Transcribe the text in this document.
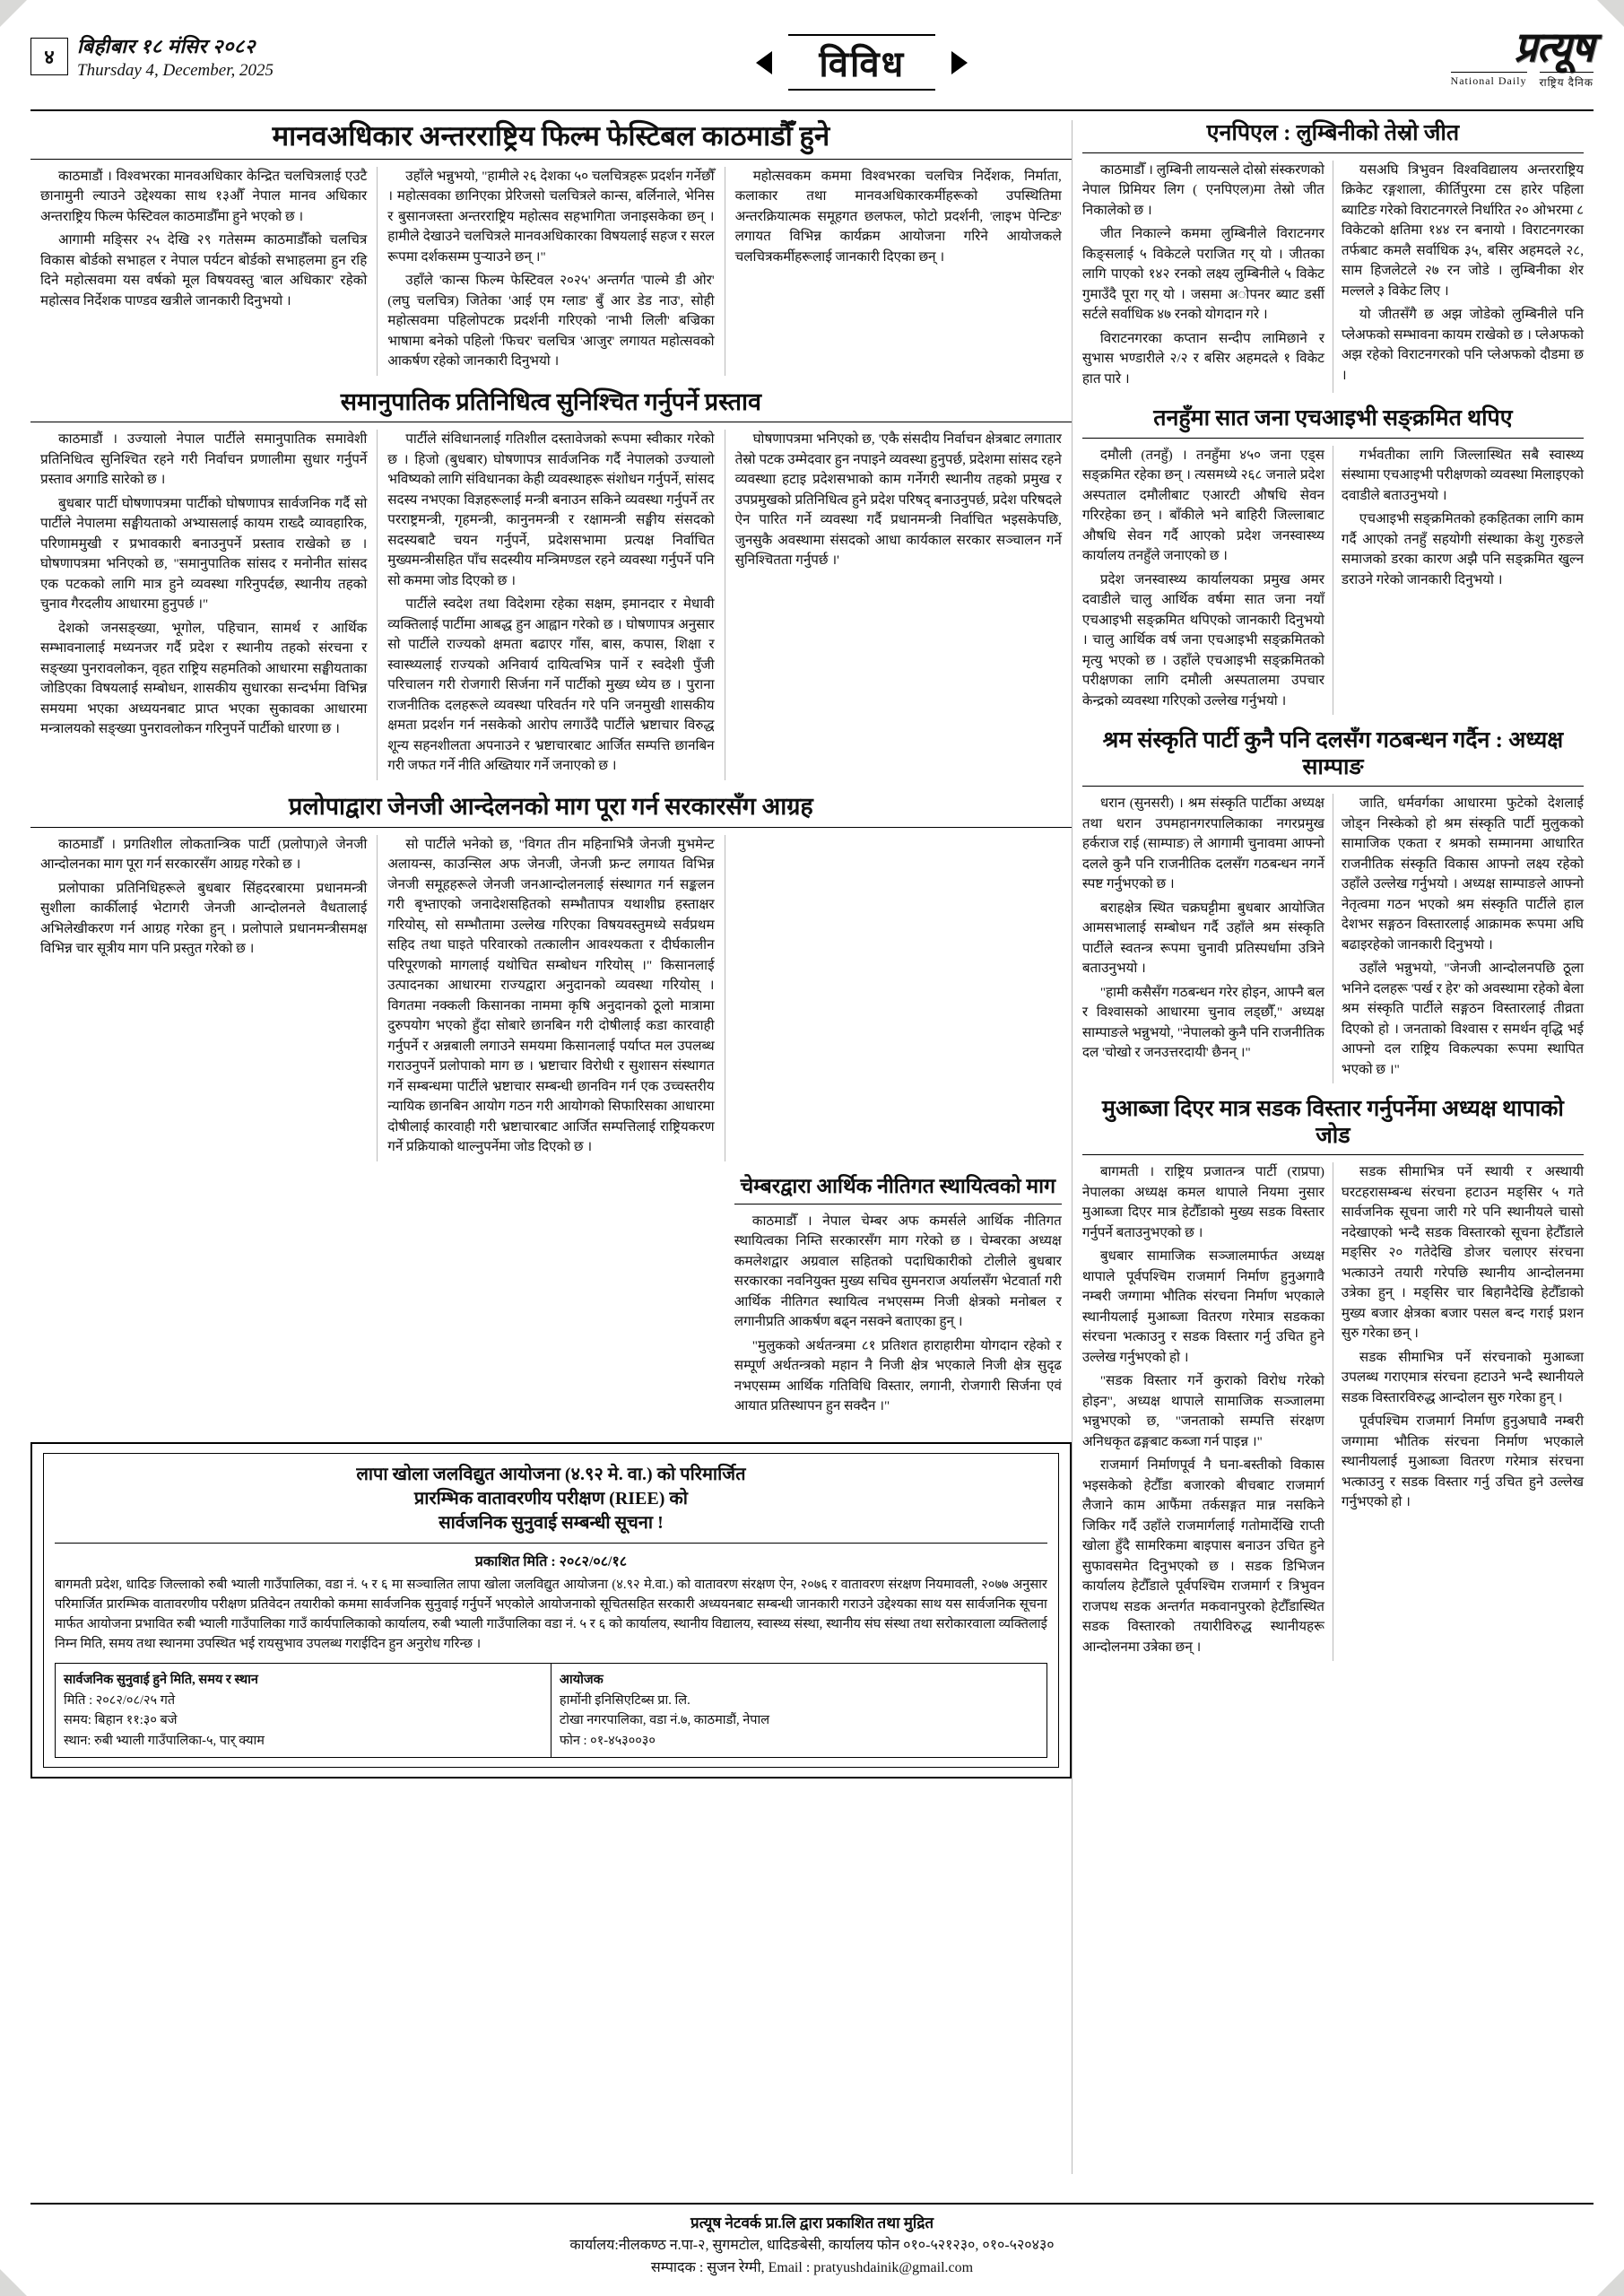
४	बिहीबार १८ मंसिर २०८२
Thursday 4, December, 2025	विविध	प्रत्यूष
National Daily राष्ट्रिय दैनिक
मानवअधिकार अन्तरराष्ट्रिय फिल्म फेस्टिबल काठमाडौँ हुने

काठमाडौं । विश्वभरका मानवअधिकार केन्द्रित चलचित्रलाई एउटै छानामुनी ल्याउने उद्देश्यका साथ १३औँ नेपाल मानव अधिकार अन्तराष्ट्रिय फिल्म फेस्टिवल काठमाडौँमा हुने भएको छ ।

आगामी मङि्सर २५ देखि २९ गतेसम्म काठमाडौँको चलचित्र विकास बोर्डको सभाहल र नेपाल पर्यटन बोर्डको सभाहलमा हुन रहि दिने महोत्सवमा यस वर्षको मूल विषयवस्तु 'बाल अधिकार' रहेको महोत्सव निर्देशक पाण्डव खत्रीले जानकारी दिनुभयो ।

उहाँले भन्नुभयो, "हामीले २६ देशका ५० चलचित्रहरू प्रदर्शन गर्नेछौँ । महोत्सवका छानिएका प्रेरिजसो चलचित्रले कान्स, बर्लिनाले, भेनिस र बुसानजस्ता अन्तरराष्ट्रिय महोत्सव सहभागिता जनाइसकेका छन् । हामीले देखाउने चलचित्रले मानवअधिकारका विषयलाई सहज र सरल रूपमा दर्शकसम्म पुर्‍याउने छन् ।"

उहाँले 'कान्स फिल्म फेस्टिवल २०२५' अन्तर्गत 'पाल्मे डी ओर' (लघु चलचित्र) जितेका 'आई एम ग्लाड' बुँ आर डेड नाउ', सोही महोत्सवमा पहिलोपटक प्रदर्शनी गरिएको 'नाभी लिली' बज्रिका भाषामा बनेको पहिलो 'फिचर' चलचित्र 'आजुर' लगायत महोत्सवको आकर्षण रहेको जानकारी दिनुभयो ।

महोत्सवकम कममा विश्वभरका चलचित्र निर्देशक, निर्माता, कलाकार तथा मानवअधिकारकर्मीहरूको उपस्थितिमा अन्तरक्रियात्मक समूहगत छलफल, फोटो प्रदर्शनी, 'लाइभ पेन्टिङ' लगायत विभिन्न कार्यक्रम आयोजना गरिने आयोजकले चलचित्रकर्मीहरूलाई जानकारी दिएका छन् ।

समानुपातिक प्रतिनिधित्व सुनिश्चित गर्नुपर्ने प्रस्ताव

काठमाडौं । उज्यालो नेपाल पार्टीले समानुपातिक समावेशी प्रतिनिधित्व सुनिश्चित रहने गरी निर्वाचन प्रणालीमा सुधार गर्नुपर्ने प्रस्ताव अगाडि सारेको छ ।

बुधबार पार्टी घोषणापत्रमा पार्टीको घोषणापत्र सार्वजनिक गर्दै सो पार्टीले नेपालमा सङ्घीयताको अभ्यासलाई कायम राख्दै व्यावहारिक, परिणाममुखी र प्रभावकारी बनाउनुपर्ने प्रस्ताव राखेको छ । घोषणापत्रमा भनिएको छ, "समानुपातिक सांसद र मनोनीत सांसद एक पटकको लागि मात्र हुने व्यवस्था गरिनुपर्दछ, स्थानीय तहको चुनाव गैरदलीय आधारमा हुनुपर्छ ।"

देशको जनसङ्ख्या, भूगोल, पहिचान, सामर्थ र आर्थिक सम्भावनालाई मध्यनजर गर्दै प्रदेश र स्थानीय तहको संरचना र सङ्ख्या पुनरावलोकन, वृहत राष्ट्रिय सहमतिको आधारमा सङ्घीयताका जोडिएका विषयलाई सम्बोधन, शासकीय सुधारका सन्दर्भमा विभिन्न समयमा भएका अध्ययनबाट प्राप्त भएका सुकावका आधारमा मन्त्रालयको सङ्ख्या पुनरावलोकन गरिनुपर्ने पार्टीको धारणा छ ।

पार्टीले संविधानलाई गतिशील दस्तावेजको रूपमा स्वीकार गरेको छ । हिजो (बुधबार) घोषणापत्र सार्वजनिक गर्दै नेपालको उज्यालो भविष्यको लागि संविधानका केही व्यवस्थाहरू संशोधन गर्नुपर्ने, सांसद सदस्य नभएका विज्ञहरूलाई मन्त्री बनाउन सकिने व्यवस्था गर्नुपर्ने तर परराष्ट्रमन्त्री, गृहमन्त्री, कानुनमन्त्री र रक्षामन्त्री सङ्घीय संसदको सदस्यबाटै चयन गर्नुपर्ने, प्रदेशसभामा प्रत्यक्ष निर्वाचित मुख्यमन्त्रीसहित पाँच सदस्यीय मन्त्रिमण्डल रहने व्यवस्था गर्नुपर्ने पनि सो कममा जोड दिएको छ ।

पार्टीले स्वदेश तथा विदेशमा रहेका सक्षम, इमानदार र मेधावी व्यक्तिलाई पार्टीमा आबद्ध हुन आह्वान गरेको छ । घोषणापत्र अनुसार सो पार्टीले राज्यको क्षमता बढाएर गाँस, बास, कपास, शिक्षा र स्वास्थ्यलाई राज्यको अनिवार्य दायित्वभित्र पार्ने र स्वदेशी पुँजी परिचालन गरी रोजगारी सिर्जना गर्ने पार्टीको मुख्य ध्येय छ । पुराना राजनीतिक दलहरूले व्यवस्था परिवर्तन गरे पनि जनमुखी शासकीय क्षमता प्रदर्शन गर्न नसकेको आरोप लगाउँदै पार्टीले भ्रष्टाचार विरुद्ध शून्य सहनशीलता अपनाउने र भ्रष्टाचारबाट आर्जित सम्पत्ति छानबिन गरी जफत गर्ने नीति अख्तियार गर्ने जनाएको छ ।

घोषणापत्रमा भनिएको छ, 'एकै संसदीय निर्वाचन क्षेत्रबाट लगातार तेस्रो पटक उम्मेदवार हुन नपाइने व्यवस्था हुनुपर्छ, प्रदेशमा सांसद रहने व्यवस्थाा हटाइ प्रदेशसभाको काम गर्नेगरी स्थानीय तहको प्रमुख र उपप्रमुखको प्रतिनिधित्व हुने प्रदेश परिषद् बनाउनुपर्छ, प्रदेश परिषदले ऐन पारित गर्ने व्यवस्था गर्दै प्रधानमन्त्री निर्वाचित भइसकेपछि, जुनसुकै अवस्थामा संसदको आधा कार्यकाल सरकार सञ्चालन गर्ने सुनिश्चितता गर्नुपर्छ ।'

प्रलोपाद्वारा जेनजी आन्देलनको माग पूरा गर्न सरकारसँग आग्रह

काठमाडौँ । प्रगतिशील लोकतान्त्रिक पार्टी (प्रलोपा)ले जेनजी आन्दोलनका माग पूरा गर्न सरकारसँग आग्रह गरेको छ ।

प्रलोपाका प्रतिनिधिहरूले बुधबार सिंहदरबारमा प्रधानमन्त्री सुशीला कार्कीलाई भेटागरी जेनजी आन्दोलनले वैधतालाई अभिलेखीकरण गर्न आग्रह गरेका हुन् । प्रलोपाले प्रधानमन्त्रीसमक्ष विभिन्न चार सूत्रीय माग पनि प्रस्तुत गरेको छ ।

सो पार्टीले भनेको छ, "विगत तीन महिनाभित्रै जेनजी मुभमेन्ट अलायन्स, काउन्सिल अफ जेनजी, जेनजी फ्रन्ट लगायत विभिन्न जेनजी समूहहरूले जेनजी जनआन्दोलनलाई संस्थागत गर्न सङ्कलन गरी बृभ्ताएको जनादेशसहितको सम्भौतापत्र यथाशीघ्र हस्ताक्षर गरियोस्, सो सम्भौतामा उल्लेख गरिएका विषयवस्तुमध्ये सर्वप्रथम सहिद तथा घाइते परिवारको तत्कालीन आवश्यकता र दीर्घकालीन परिपूरणको मागलाई यथोचित सम्बोधन गरियोस् ।" किसानलाई उत्पादनका आधारमा राज्यद्वारा अनुदानको व्यवस्था गरियोस् । विगतमा नक्कली किसानका नाममा कृषि अनुदानको ठूलो मात्रामा दुरुपयोग भएको हुँदा सोबारे छानबिन गरी दोषीलाई कडा कारवाही गर्नुपर्ने र अन्नबाली लगाउने समयमा किसानलाई पर्याप्त मल उपलब्ध गराउनुपर्ने प्रलोपाको माग छ । भ्रष्टाचार विरोधी र सुशासन संस्थागत गर्ने सम्बन्धमा पार्टीले भ्रष्टाचार सम्बन्धी छानविन गर्न एक उच्चस्तरीय न्यायिक छानबिन आयोग गठन गरी आयोगको सिफारिसका आधारमा दोषीलाई कारवाही गरी भ्रष्टाचारबाट आर्जित सम्पत्तिलाई राष्ट्रियकरण गर्ने प्रक्रियाको थाल्नुपर्नेमा जोड दिएको छ ।

चेम्बरद्वारा आर्थिक नीतिगत स्थायित्वको माग

काठमाडौँ । नेपाल चेम्बर अफ कमर्सले आर्थिक नीतिगत स्थायित्वका निम्ति सरकारसँग माग गरेको छ । चेम्बरका अध्यक्ष कमलेशद्वार अग्रवाल सहितको पदाधिकारीको टोलीले बुधबार सरकारका नवनियुक्त मुख्य सचिव सुमनराज अर्यालसँग भेटवार्ता गरी आर्थिक नीतिगत स्थायित्व नभएसम्म निजी क्षेत्रको मनोबल र लगानीप्रति आकर्षण बढ्न नसक्ने बताएका हुन् ।

"मुलुकको अर्थतन्त्रमा ८१ प्रतिशत हाराहारीमा योगदान रहेको र सम्पूर्ण अर्थतन्त्रको महान नै निजी क्षेत्र भएकाले निजी क्षेत्र सुदृढ नभएसम्म आर्थिक गतिविधि विस्तार, लगानी, रोजगारी सिर्जना एवं आयात प्रतिस्थापन हुन सक्दैन ।"

लापा खोला जलविद्युत आयोजना (४.९२ मे. वा.) को परिमार्जित
प्रारम्भिक वातावरणीय परीक्षण (RIEE) को
सार्वजनिक सुनुवाई सम्बन्धी सूचना !
प्रकाशित मिति : २०८२/०८/१८
बागमती प्रदेश, धादिङ जिल्लाको रुबी भ्याली गाउँपालिका, वडा नं. ५ र ६ मा सञ्चालित लापा खोला जलविद्युत आयोजना (४.९२ मे.वा.) को वातावरण संरक्षण ऐन, २०७६ र वातावरण संरक्षण नियमावली, २०७७ अनुसार परिमार्जित प्रारम्भिक वातावरणीय परीक्षण प्रतिवेदन तयारीको कममा सार्वजनिक सुनुवाई गर्नुपर्ने भएकोले आयोजनाको सूचितसहित सरकारी अध्ययनबाट सम्बन्धी जानकारी गराउने उद्देश्यका साथ यस सार्वजनिक सूचना मार्फत आयोजना प्रभावित रुबी भ्याली गाउँपालिका गाउँ कार्यपालिकाको कार्यालय, रुबी भ्याली गाउँपालिका वडा नं. ५ र ६ को कार्यालय, स्थानीय विद्यालय, स्वास्थ्य संस्था, स्थानीय संघ संस्था तथा सरोकारवाला व्यक्तिलाई निम्न मिति, समय तथा स्थानमा उपस्थित भई रायसुभाव उपलब्ध गराईदिन हुन अनुरोध गरिन्छ ।
सार्वजनिक सुनुवाई हुने मिति, समय र स्थान
मिति : २०८२/०८/२५ गते
समय: बिहान ११:३० बजे
स्थान: रुबी भ्याली गाउँपालिका-५, पार् क्याम
आयोजक
हार्मोनी इनिसिएटिब्स प्रा. लि.
टोखा नगरपालिका, वडा नं.७, काठमाडौं, नेपाल
फोन : ०१-४५३००३०
एनपिएल : लुम्बिनीको तेस्रो जीत

काठमाडौँ । लुम्बिनी लायन्सले दोस्रो संस्करणको नेपाल प्रिमियर लिग ( एनपिएल)मा तेस्रो जीत निकालेको छ ।

जीत निकाल्ने कममा लुम्बिनीले विराटनगर किङ्सलाई ५ विकेटले पराजित गर् यो । जीतका लागि पाएको १४२ रनको लक्ष्य लुम्बिनीले ५ विकेट गुमाउँदै पूरा गर् यो । जसमा अोपनर ब्याट डर्सी सर्टले सर्वाधिक ४७ रनको योगदान गरे ।

विराटनगरका कप्तान सन्दीप लामिछाने र सुभास भण्डारीले २/२ र बसिर अहमदले १ विकेट हात पारे ।

यसअघि त्रिभुवन विश्वविद्यालय अन्तरराष्ट्रिय क्रिकेट रङ्गशाला, कीर्तिपुरमा टस हारेर पहिला ब्याटिङ गरेको विराटनगरले निर्धारित २० ओभरमा ८ विकेटको क्षतिमा १४४ रन बनायो । विराटनगरका तर्फबाट कमलै सर्वाधिक ३५, बसिर अहमदले २८, साम हिजलेटले २७ रन जोडे । लुम्बिनीका शेर मल्लले ३ विकेट लिए ।

यो जीतसँगै छ अझ जोडेको लुम्बिनीले पनि प्लेअफको सम्भावना कायम राखेको छ । प्लेअफको अझ रहेको विराटनगरको पनि प्लेअफको दौडमा छ ।

तनहुँमा सात जना एचआइभी सङ्क्रमित थपिए

दमौली (तनहुँ) । तनहुँमा ४५० जना एड्स सङ्क्रमित रहेका छन् । त्यसमध्ये २६८ जनाले प्रदेश अस्पताल दमौलीबाट एआरटी औषधि सेवन गरिरहेका छन् । बाँकीले भने बाहिरी जिल्लाबाट औषधि सेवन गर्दै आएको प्रदेश जनस्वास्थ्य कार्यालय तनहुँले जनाएको छ ।

प्रदेश जनस्वास्थ्य कार्यालयका प्रमुख अमर दवाडीले चालु आर्थिक वर्षमा सात जना नयाँ एचआइभी सङ्क्रमित थपिएको जानकारी दिनुभयो । चालु आर्थिक वर्ष जना एचआइभी सङ्क्रमितको मृत्यु भएको छ । उहाँले एचआइभी सङ्क्रमितको परीक्षणका लागि दमौली अस्पतालमा उपचार केन्द्रको व्यवस्था गरिएको उल्लेख गर्नुभयो ।

गर्भवतीका लागि जिल्लास्थित सबै स्वास्थ्य संस्थामा एचआइभी परीक्षणको व्यवस्था मिलाइएको दवाडीले बताउनुभयो ।

एचआइभी सङ्क्रमितको हकहितका लागि काम गर्दै आएको तनहुँ सहयोगी संस्थाका केशु गुरुङले समाजको डरका कारण अझै पनि सङ्क्रमित खुल्न डराउने गरेको जानकारी दिनुभयो ।

श्रम संस्कृति पार्टी कुनै पनि दलसँग गठबन्धन गर्दैन : अध्यक्ष साम्पाङ

धरान (सुनसरी) । श्रम संस्कृति पार्टीका अध्यक्ष तथा धरान उपमहानगरपालिकाका नगरप्रमुख हर्कराज राई (साम्पाङ) ले आगामी चुनावमा आफ्नो दलले कुनै पनि राजनीतिक दलसँग गठबन्धन नगर्ने स्पष्ट गर्नुभएको छ ।

बराहक्षेत्र स्थित चक्रघट्टीमा बुधबार आयोजित आमसभालाई सम्बोधन गर्दै उहाँले श्रम संस्कृति पार्टीले स्वतन्त्र रूपमा चुनावी प्रतिस्पर्धामा उत्रिने बताउनुभयो ।

"हामी कसैसँग गठबन्धन गरेर होइन, आफ्नै बल र विश्वासको आधारमा चुनाव लड्छौँ," अध्यक्ष साम्पाङले भन्नुभयो, "नेपालको कुनै पनि राजनीतिक दल 'चोखो र जनउत्तरदायी' छैनन् ।"

जाति, धर्मवर्गका आधारमा फुटेको देशलाई जोड्न निस्केको हो श्रम संस्कृति पार्टी मुलुकको सामाजिक एकता र श्रमको सम्मानमा आधारित राजनीतिक संस्कृति विकास आफ्नो लक्ष्य रहेको उहाँले उल्लेख गर्नुभयो । अध्यक्ष साम्पाङले आफ्नो नेतृत्वमा गठन भएको श्रम संस्कृति पार्टीले हाल देशभर सङ्गठन विस्तारलाई आक्रामक रूपमा अघि बढाइरहेको जानकारी दिनुभयो ।

उहाँले भन्नुभयो, "जेनजी आन्दोलनपछि ठूला भनिने दलहरू 'पर्ख र हेर' को अवस्थामा रहेको बेला श्रम संस्कृति पार्टीले सङ्गठन विस्तारलाई तीव्रता दिएको हो । जनताको विश्वास र समर्थन वृद्धि भई आफ्नो दल राष्ट्रिय विकल्पका रूपमा स्थापित भएको छ ।"

मुआब्जा दिएर मात्र सडक विस्तार गर्नुपर्नेमा अध्यक्ष थापाको जोड

बागमती । राष्ट्रिय प्रजातन्त्र पार्टी (राप्रपा) नेपालका अध्यक्ष कमल थापाले नियमा नुसार मुआब्जा दिएर मात्र हेटौँडाको मुख्य सडक विस्तार गर्नुपर्ने बताउनुभएको छ ।

बुधबार सामाजिक सञ्जालमार्फत अध्यक्ष थापाले पूर्वपश्चिम राजमार्ग निर्माण हुनुअगावै नम्बरी जग्गामा भौतिक संरचना निर्माण भएकाले स्थानीयलाई मुआब्जा वितरण गरेमात्र सडकका संरचना भत्काउनु र सडक विस्तार गर्नु उचित हुने उल्लेख गर्नुभएको हो ।

"सडक विस्तार गर्ने कुराको विरोध गरेको होइन", अध्यक्ष थापाले सामाजिक सञ्जालमा भन्नुभएको छ, "जनताको सम्पत्ति संरक्षण अनिधकृत ढङ्गबाट कब्जा गर्न पाइन्न ।"

राजमार्ग निर्माणपूर्व नै घना-बस्तीको विकास भइसकेको हेटौँडा बजारको बीचबाट राजमार्ग लैजाने काम आफैंमा तर्कसङ्गत मान्न नसकिने जिकिर गर्दै उहाँले राजमार्गलाई गतोमार्देखि राप्ती खोला हुँदै सामरिकमा बाइपास बनाउन उचित हुने सुफावसमेत दिनुभएको छ । सडक डिभिजन कार्यालय हेटौँडाले पूर्वपश्चिम राजमार्ग र त्रिभुवन राजपथ सडक अन्तर्गत मकवानपुरको हेटौँडास्थित सडक विस्तारको तयारीविरुद्ध स्थानीयहरू आन्दोलनमा उत्रेका छन् ।

सडक सीमाभित्र पर्ने स्थायी र अस्थायी घरटहरासम्बन्ध संरचना हटाउन मङ्सिर ५ गते सार्वजनिक सूचना जारी गरे पनि स्थानीयले चासो नदेखाएको भन्दै सडक विस्तारको सूचना हेटौँडाले मङ्सिर २० गतेदेखि डोजर चलाएर संरचना भत्काउने तयारी गरेपछि स्थानीय आन्दोलनमा उत्रेका हुन् । मङ्सिर चार बिहानैदेखि हेटौँडाको मुख्य बजार क्षेत्रका बजार पसल बन्द गराई प्रशन सुरु गरेका छन् ।

सडक सीमाभित्र पर्ने संरचनाको मुआब्जा उपलब्ध गराएमात्र संरचना हटाउने भन्दै स्थानीयले सडक विस्तारविरुद्ध आन्दोलन सुरु गरेका हुन् ।

पूर्वपश्चिम राजमार्ग निर्माण हुनुअघावै नम्बरी जग्गामा भौतिक संरचना निर्माण भएकाले स्थानीयलाई मुआब्जा वितरण गरेमात्र संरचना भत्काउनु र सडक विस्तार गर्नु उचित हुने उल्लेख गर्नुभएको हो ।

प्रत्यूष नेटवर्क प्रा.लि द्वारा प्रकाशित तथा मुद्रित
कार्यालय:नीलकण्ठ न.पा-२, सुगमटोल, धादिङबेसी, कार्यालय फोन ०१०-५२१२३०, ०१०-५२०४३०
सम्पादक : सुजन रेग्मी, Email : pratyushdainik@gmail.com
